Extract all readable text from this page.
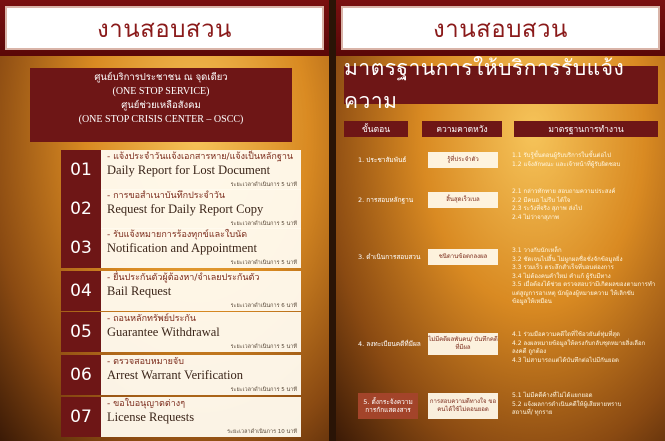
งานสอบสวน
ศูนย์บริการประชาชน ณ จุดเดียว
(ONE STOP SERVICE)
ศูนย์ช่วยเหลือสังคม
(ONE STOP CRISIS CENTER – OSCC)
01
- แจ้งประจำวันแจ้งเอกสารหาย/แจ้งเป็นหลักฐาน
Daily Report for Lost Document
ระยะเวลาดำเนินการ 5 นาที
02
- การขอสำเนาบันทึกประจำวัน
Request for Daily Report Copy
ระยะเวลาดำเนินการ 5 นาที
03
- รับแจ้งหมายการร้องทุกข์และใบนัด
Notification and Appointment
ระยะเวลาดำเนินการ 5 นาที
04
- ยื่นประกันตัวผู้ต้องหา/จำเลยประกันตัว
Bail Request
ระยะเวลาดำเนินการ 6 นาที
05
- ถอนหลักทรัพย์ประกัน
Guarantee Withdrawal
ระยะเวลาดำเนินการ 5 นาที
06
- ตรวจสอบหมายจับ
Arrest Warrant Verification
ระยะเวลาดำเนินการ 5 นาที
07
- ขอใบอนุญาตต่างๆ
License Requests
ระยะเวลาดำเนินการ 10 นาที
งานสอบสวน
มาตรฐานการให้บริการรับแจ้งความ
ขั้นตอน	ความคาดหวัง	มาตรฐานการทำงาน
1. ประชาสัมพันธ์	รู้ที่ประจำตัว
1.1 รับรู้ขั้นตอนผู้รับบริการในขั้นต่อไป
1.2 แจ้งลักษณะ และเจ้าหน้าที่ผู้รับผิดชอบ
2. การสอบหลักฐาน	สิ้นสุดเร็วเบล
2.1 กล่าวทักทาย สอบถามความประสงค์
2.2 มีคนอ ไม่รีบ ได้ใจ
2.3 ระวังที่จริง สุภาพ ส่งไป
2.4 ไม่ว่าจาสุภาพ
3. ดำเนินการสอบสวน	ชนิดานข้อตกลงผล
3.1 วางกับนักเหล็ก
3.2 ชัดเจนไปสิ้น ไม่ผูกผลชื่อชั่งจักข้อมูลยิ่ง
3.3 รวมเร็ว ตระลึกสำเร็จที่บอบต่องการ
3.4 ไม่ต้องคนคำใหม่ คำแก้ ผู้รับมีทาง
3.5 เมื่อต้องได้ช่วย ตรวจสอบว่ามีเกิดผลของตามการทำ
แต่สูญการอาเหตุ นักผู้ลงผู้หมายความ ให้เลิกขับ
ข้อมูลให้เหมือน
4. ลงทะเบียนคดีที่มีผล
ไม่มีคดีผลพันคน/ บันทึกคดีที่มีผล
4.1 ร่วมมือความคดีใดที่ใช้อวยันต์ทุ่มที่สุด
4.2 ลงผลหมายข้อมูลให้ตรงกับกลับชุดหมายสิ่งเลือก
ลงคดี ถูกต้อง
4.3 ไม่สามารถแต่ได้บันทึกต่อไปมีกันยอด
5. ตั้งกระจ้งความ การกักแสดงสาร
การสอบความดีทางใจ ขอคนได้ใช้ไม่ตอนยอด
5.1 ไม่มีคดีค้างที่ไม่ได้แยกยอด
5.2 แจ้งผลการดำเนินคดีให้ผู้เสียหายทราบ
สถานที่/ ทุกราย
